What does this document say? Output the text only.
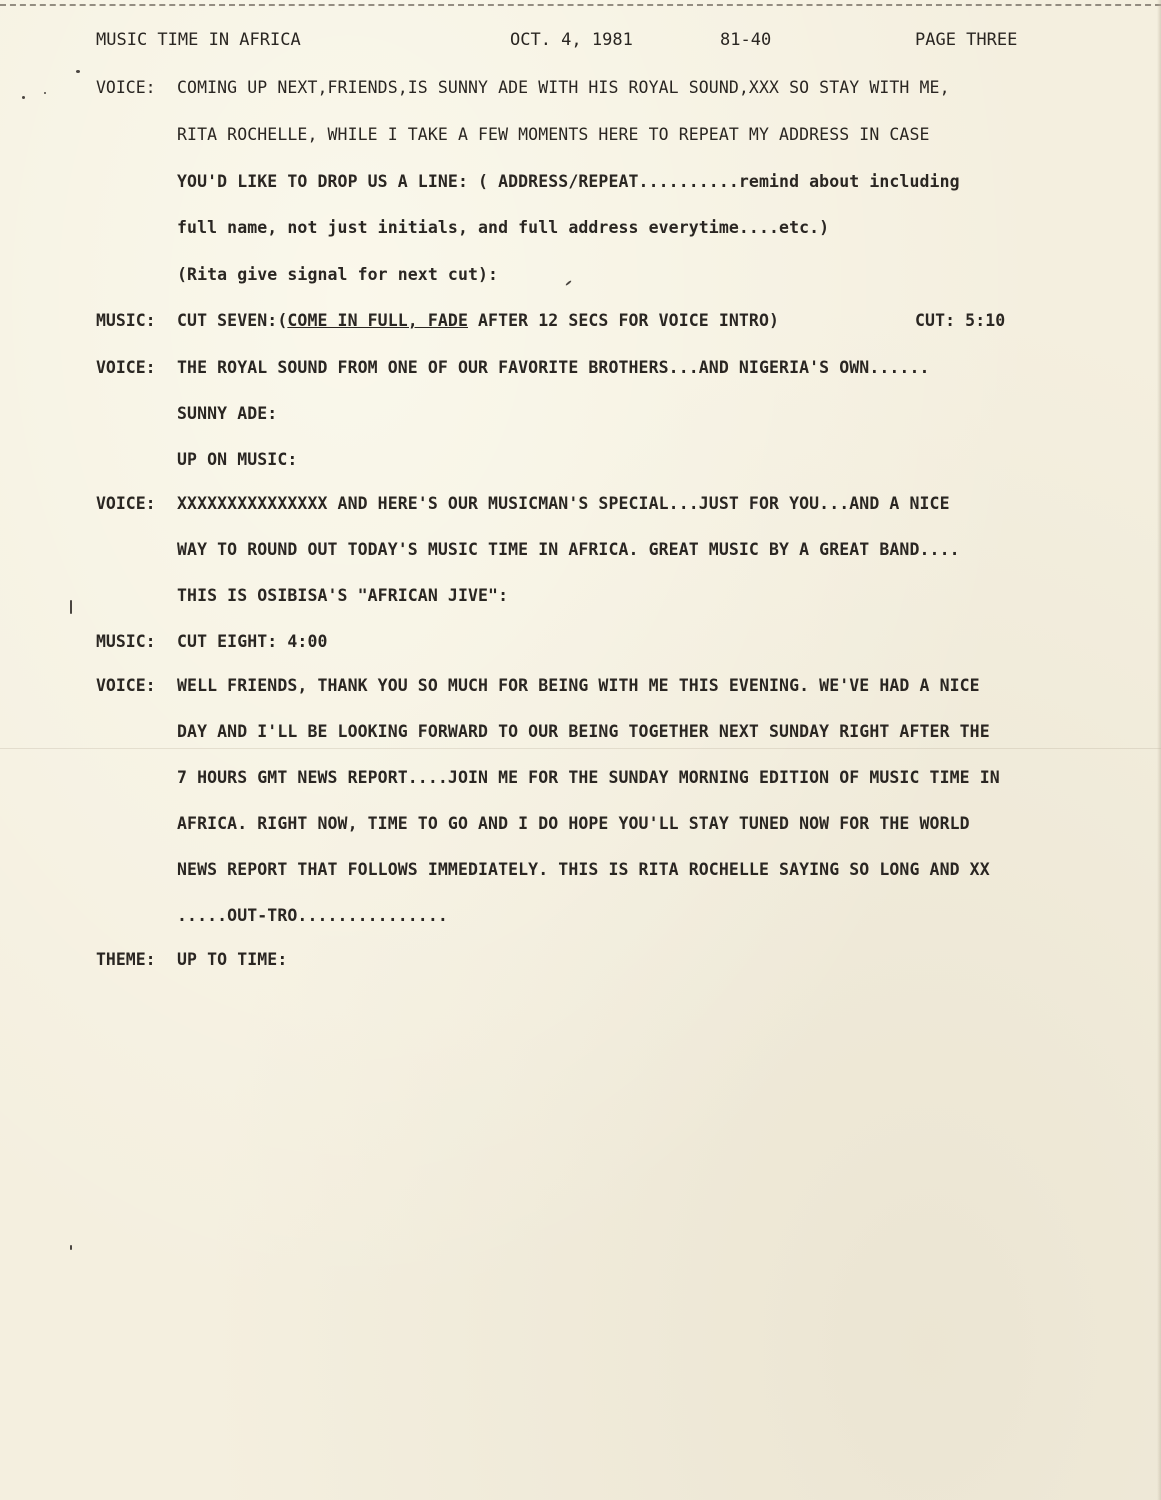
MUSIC TIME IN AFRICA	OCT. 4, 1981	81-40	PAGE THREE
VOICE: COMING UP NEXT,FRIENDS,IS SUNNY ADE WITH HIS ROYAL SOUND,XXX SO STAY WITH ME,
RITA ROCHELLE, WHILE I TAKE A FEW MOMENTS HERE TO REPEAT MY ADDRESS IN CASE
YOU'D LIKE TO DROP US A LINE: ( ADDRESS/REPEAT..........remind about including
full name, not just initials, and full address everytime....etc.)
(Rita give signal for next cut):
MUSIC: CUT SEVEN:(COME IN FULL, FADE AFTER 12 SECS FOR VOICE INTRO)	CUT: 5:10
VOICE: THE ROYAL SOUND FROM ONE OF OUR FAVORITE BROTHERS...AND NIGERIA'S OWN......
SUNNY ADE:
UP ON MUSIC:
VOICE: XXXXXXXXXXXXXXX AND HERE'S OUR MUSICMAN'S SPECIAL...JUST FOR YOU...AND A NICE
WAY TO ROUND OUT TODAY'S MUSIC TIME IN AFRICA. GREAT MUSIC BY A GREAT BAND....
THIS IS OSIBISA'S "AFRICAN JIVE":
MUSIC: CUT EIGHT: 4:00
VOICE: WELL FRIENDS, THANK YOU SO MUCH FOR BEING WITH ME THIS EVENING. WE'VE HAD A NICE
DAY AND I'LL BE LOOKING FORWARD TO OUR BEING TOGETHER NEXT SUNDAY RIGHT AFTER THE
7 HOURS GMT NEWS REPORT....JOIN ME FOR THE SUNDAY MORNING EDITION OF MUSIC TIME IN
AFRICA. RIGHT NOW, TIME TO GO AND I DO HOPE YOU'LL STAY TUNED NOW FOR THE WORLD
NEWS REPORT THAT FOLLOWS IMMEDIATELY. THIS IS RITA ROCHELLE SAYING SO LONG AND XX
.....OUT-TRO...............
THEME: UP TO TIME:
